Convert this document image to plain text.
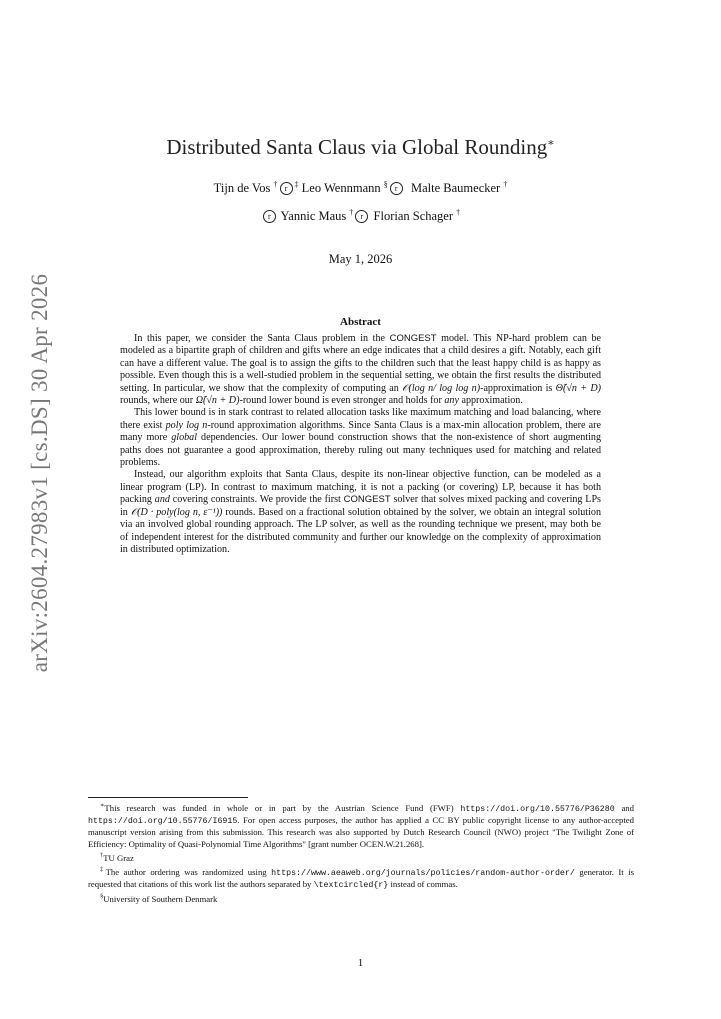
arXiv:2604.27983v1 [cs.DS] 30 Apr 2026
Distributed Santa Claus via Global Rounding∗
Tijn de Vos † r ‡ Leo Wennmann § r Malte Baumecker †
r Yannic Maus † r Florian Schager †
May 1, 2026
Abstract

In this paper, we consider the Santa Claus problem in the CONGEST model. This NP-hard problem can be modeled as a bipartite graph of children and gifts where an edge indicates that a child desires a gift. Notably, each gift can have a different value. The goal is to assign the gifts to the children such that the least happy child is as happy as possible. Even though this is a well-studied problem in the sequential setting, we obtain the first results the distributed setting. In particular, we show that the complexity of computing an 𝒪(log n/ log log n)-approximation is Θ̃(√n + D) rounds, where our Ω̃(√n + D)-round lower bound is even stronger and holds for any approximation.

This lower bound is in stark contrast to related allocation tasks like maximum matching and load balancing, where there exist poly log n-round approximation algorithms. Since Santa Claus is a max-min allocation problem, there are many more global dependencies. Our lower bound construction shows that the non-existence of short augmenting paths does not guarantee a good approximation, thereby ruling out many techniques used for matching and related problems.

Instead, our algorithm exploits that Santa Claus, despite its non-linear objective function, can be modeled as a linear program (LP). In contrast to maximum matching, it is not a packing (or covering) LP, because it has both packing and covering constraints. We provide the first CONGEST solver that solves mixed packing and covering LPs in 𝒪(D · poly(log n, ε⁻¹)) rounds. Based on a fractional solution obtained by the solver, we obtain an integral solution via an involved global rounding approach. The LP solver, as well as the rounding technique we present, may both be of independent interest for the distributed community and further our knowledge on the complexity of approximation in distributed optimization.

∗This research was funded in whole or in part by the Austrian Science Fund (FWF) https://doi.org/10.55776/P36280 and https://doi.org/10.55776/I6915. For open access purposes, the author has applied a CC BY public copyright license to any author-accepted manuscript version arising from this submission. This research was also supported by Dutch Research Council (NWO) project "The Twilight Zone of Efficiency: Optimality of Quasi-Polynomial Time Algorithms" [grant number OCEN.W.21.268].

†TU Graz

‡The author ordering was randomized using https://www.aeaweb.org/journals/policies/random-author-order/ generator. It is requested that citations of this work list the authors separated by \textcircled{r} instead of commas.

§University of Southern Denmark

1
